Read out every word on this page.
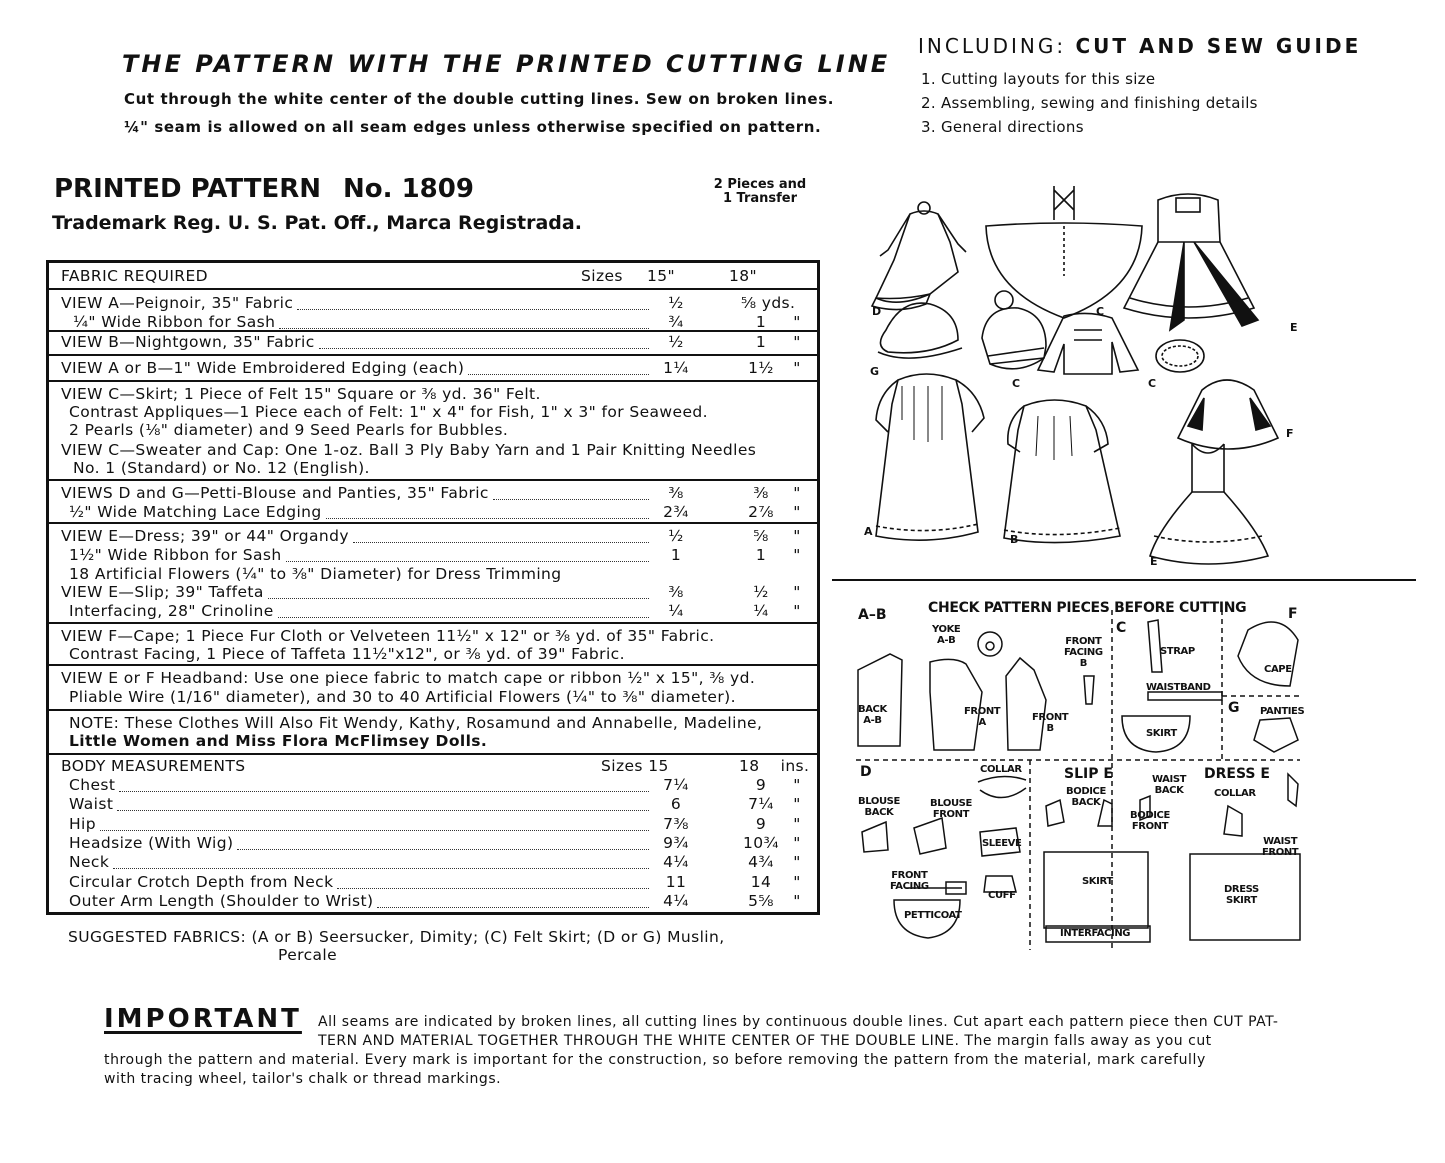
THE PATTERN WITH THE PRINTED CUTTING LINE
Cut through the white center of the double cutting lines. Sew on broken lines.
¼" seam is allowed on all seam edges unless otherwise specified on pattern.
INCLUDING: CUT AND SEW GUIDE
1. Cutting layouts for this size
2. Assembling, sewing and finishing details
3. General directions
PRINTED PATTERN No. 1809	2 Pieces and
1 Transfer
Trademark Reg. U. S. Pat. Off., Marca Registrada.
FABRIC REQUIRED	Sizes 15"	18"
VIEW A—Peignoir, 35" Fabric	½	⅝ yds.
¼" Wide Ribbon for Sash	¾	1	"
VIEW B—Nightgown, 35" Fabric	½	1	"
VIEW A or B—1" Wide Embroidered Edging (each)	1¼	1½	"
VIEW C—Skirt; 1 Piece of Felt 15" Square or ⅜ yd. 36" Felt.
Contrast Appliques—1 Piece each of Felt: 1" x 4" for Fish, 1" x 3" for Seaweed.
2 Pearls (⅛" diameter) and 9 Seed Pearls for Bubbles.
VIEW C—Sweater and Cap: One 1-oz. Ball 3 Ply Baby Yarn and 1 Pair Knitting Needles
No. 1 (Standard) or No. 12 (English).
VIEWS D and G—Petti-Blouse and Panties, 35" Fabric	⅜	⅜	"
½" Wide Matching Lace Edging	2¾	2⅞	"
VIEW E—Dress; 39" or 44" Organdy	½	⅝	"
1½" Wide Ribbon for Sash	1	1	"
18 Artificial Flowers (¼" to ⅜" Diameter) for Dress Trimming
VIEW E—Slip; 39" Taffeta	⅜	½	"
Interfacing, 28" Crinoline	¼	¼	"
VIEW F—Cape; 1 Piece Fur Cloth or Velveteen 11½" x 12" or ⅜ yd. of 35" Fabric.
Contrast Facing, 1 Piece of Taffeta 11½"x12", or ⅜ yd. of 39" Fabric.
VIEW E or F Headband: Use one piece fabric to match cape or ribbon ½" x 15", ⅜ yd.
Pliable Wire (1/16" diameter), and 30 to 40 Artificial Flowers (¼" to ⅜" diameter).
NOTE: These Clothes Will Also Fit Wendy, Kathy, Rosamund and Annabelle, Madeline,
Little Women and Miss Flora McFlimsey Dolls.
BODY MEASUREMENTS	Sizes 15	18 ins.
Chest	7¼	9	"
Waist	6	7¼	"
Hip	7⅜	9	"
Headsize (With Wig)	9¾	10¾ "
Neck	4¼	4¾	"
Circular Crotch Depth from Neck	11	14	"
Outer Arm Length (Shoulder to Wrist)	4¼	5⅝	"
SUGGESTED FABRICS: (A or B) Seersucker, Dimity; (C) Felt Skirt; (D or G) Muslin,
Percale
IMPORTANT All seams are indicated by broken lines, all cutting lines by continuous double lines. Cut apart each pattern piece then CUT PAT-
TERN AND MATERIAL TOGETHER THROUGH THE WHITE CENTER OF THE DOUBLE LINE. The margin falls away as you cut
through the pattern and material. Every mark is important for the construction, so before removing the pattern from the material, mark carefully
with tracing wheel, tailor's chalk or thread markings.
D	C
E
G
C	C
F
A
B
E
CHECK PATTERN PIECES BEFORE CUTTING
A–B
C
F
G
D	SLIP E	DRESS E
YOKE
A-B
BACK
A-B
FRONT
A	FRONT
B
FRONT
FACING
B
STRAP
WAISTBAND
SKIRT
CAPE
PANTIES
COLLAR
BLOUSE
BACK
BLOUSE
FRONT
SLEEVE
FRONT
FACING
CUFF
PETTICOAT
BODICE
BACK
BODICE
FRONT
SKIRT
INTERFACING
WAIST
BACK	COLLAR
WAIST
FRONT
DRESS
SKIRT
